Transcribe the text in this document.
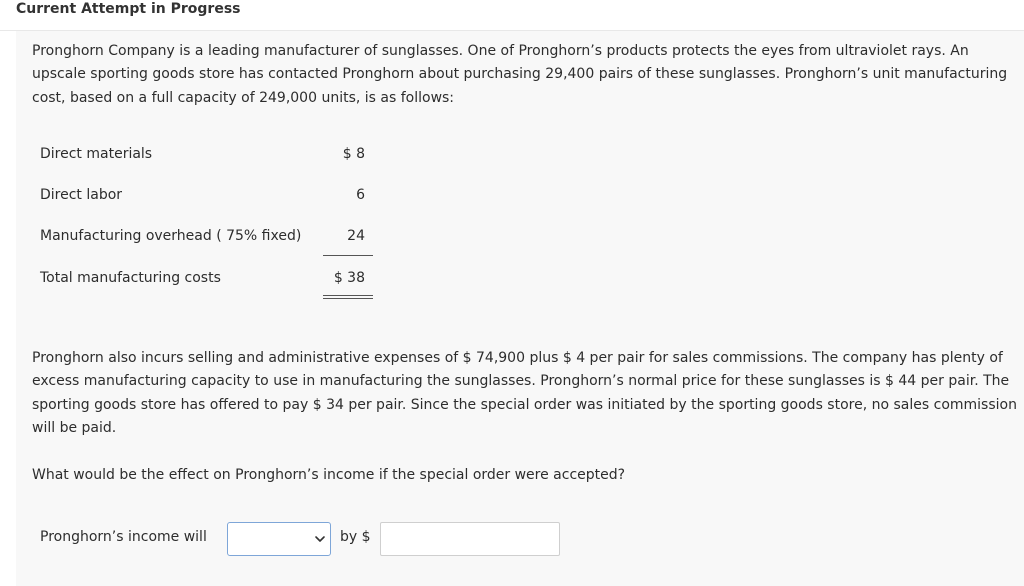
Current Attempt in Progress

Pronghorn Company is a leading manufacturer of sunglasses. One of Pronghorn’s products protects the eyes from ultraviolet rays. An upscale sporting goods store has contacted Pronghorn about purchasing 29,400 pairs of these sunglasses. Pronghorn’s unit manufacturing cost, based on a full capacity of 249,000 units, is as follows:

Direct materials	$ 8
Direct labor	6
Manufacturing overhead ( 75% fixed)	24
Total manufacturing costs	$ 38

Pronghorn also incurs selling and administrative expenses of $ 74,900 plus $ 4 per pair for sales commissions. The company has plenty of excess manufacturing capacity to use in manufacturing the sunglasses. Pronghorn’s normal price for these sunglasses is $ 44 per pair. The sporting goods store has offered to pay $ 34 per pair. Since the special order was initiated by the sporting goods store, no sales commission will be paid.

What would be the effect on Pronghorn’s income if the special order were accepted?

Pronghorn’s income will	by $
